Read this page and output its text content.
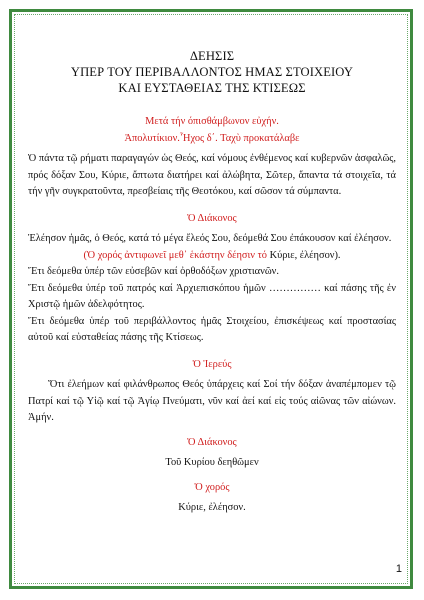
ΔΕΗΣΙΣ

ΥΠΕΡ ΤΟΥ ΠΕΡΙΒΑΛΛΟΝΤΟΣ ΗΜΑΣ ΣΤΟΙΧΕΙΟΥ

ΚΑΙ ΕΥΣΤΑΘΕΙΑΣ ΤΗΣ ΚΤΙΣΕΩΣ

Μετά τήν όπισθάμβωνον εὐχήν.

Ἀπολυτίκιον.Ἦχος δ΄. Ταχὺ προκατάλαβε

Ὁ πάντα τῷ ρήματι παραγαγών ὡς Θεός, καί νόμους ἐνθέμενος καί κυβερνῶν ἀσφαλῶς, πρός δόξαν Σου, Κύριε, ἄπτωτα διατήρει καί ἀλώβητα, Σῶτερ, ἅπαντα τά στοιχεῖα, τά τήν γῆν συγκρατοῦντα, πρεσβείαις τῆς Θεοτόκου, καί σῶσον τά σύμπαντα.

Ὁ Διάκονος

Ἐλέησον ἡμᾶς, ὁ Θεός, κατά τό μέγα ἔλεός Σου, δεόμεθά Σου ἐπάκουσον καί ἐλέησον.

(Ὁ χορός ἀντιφωνεῖ μεθ᾽ ἑκάστην δέησιν τό Κύριε, ἐλέησον).

Ἔτι δεόμεθα ὑπέρ τῶν εὐσεβῶν καί ὀρθοδόξων χριστιανῶν.

Ἔτι δεόμεθα ὑπέρ τοῦ πατρός καί Ἀρχιεπισκόπου ἡμῶν …………… καί πάσης τῆς ἐν Χριστῷ ἡμῶν ἀδελφότητος.

Ἔτι δεόμεθα ὑπέρ τοῦ περιβάλλοντος ἡμᾶς Στοιχείου, ἐπισκέψεως καί προστασίας αὐτοῦ καί εὐσταθείας πάσης τῆς Κτίσεως.

Ὁ Ἱερεύς

Ὅτι ἐλεήμων καί φιλάνθρωπος Θεός ὑπάρχεις καί Σοί τήν δόξαν ἀναπέμπομεν τῷ Πατρί καί τῷ Υἱῷ καί τῷ Ἁγίῳ Πνεύματι, νῦν καί ἀεί καί εἰς τούς αἰῶνας τῶν αἰώνων. Ἀμήν.

Ὁ Διάκονος

Τοῦ Κυρίου δεηθῶμεν

Ὁ χορός

Κύριε, ἐλέησον.

1
